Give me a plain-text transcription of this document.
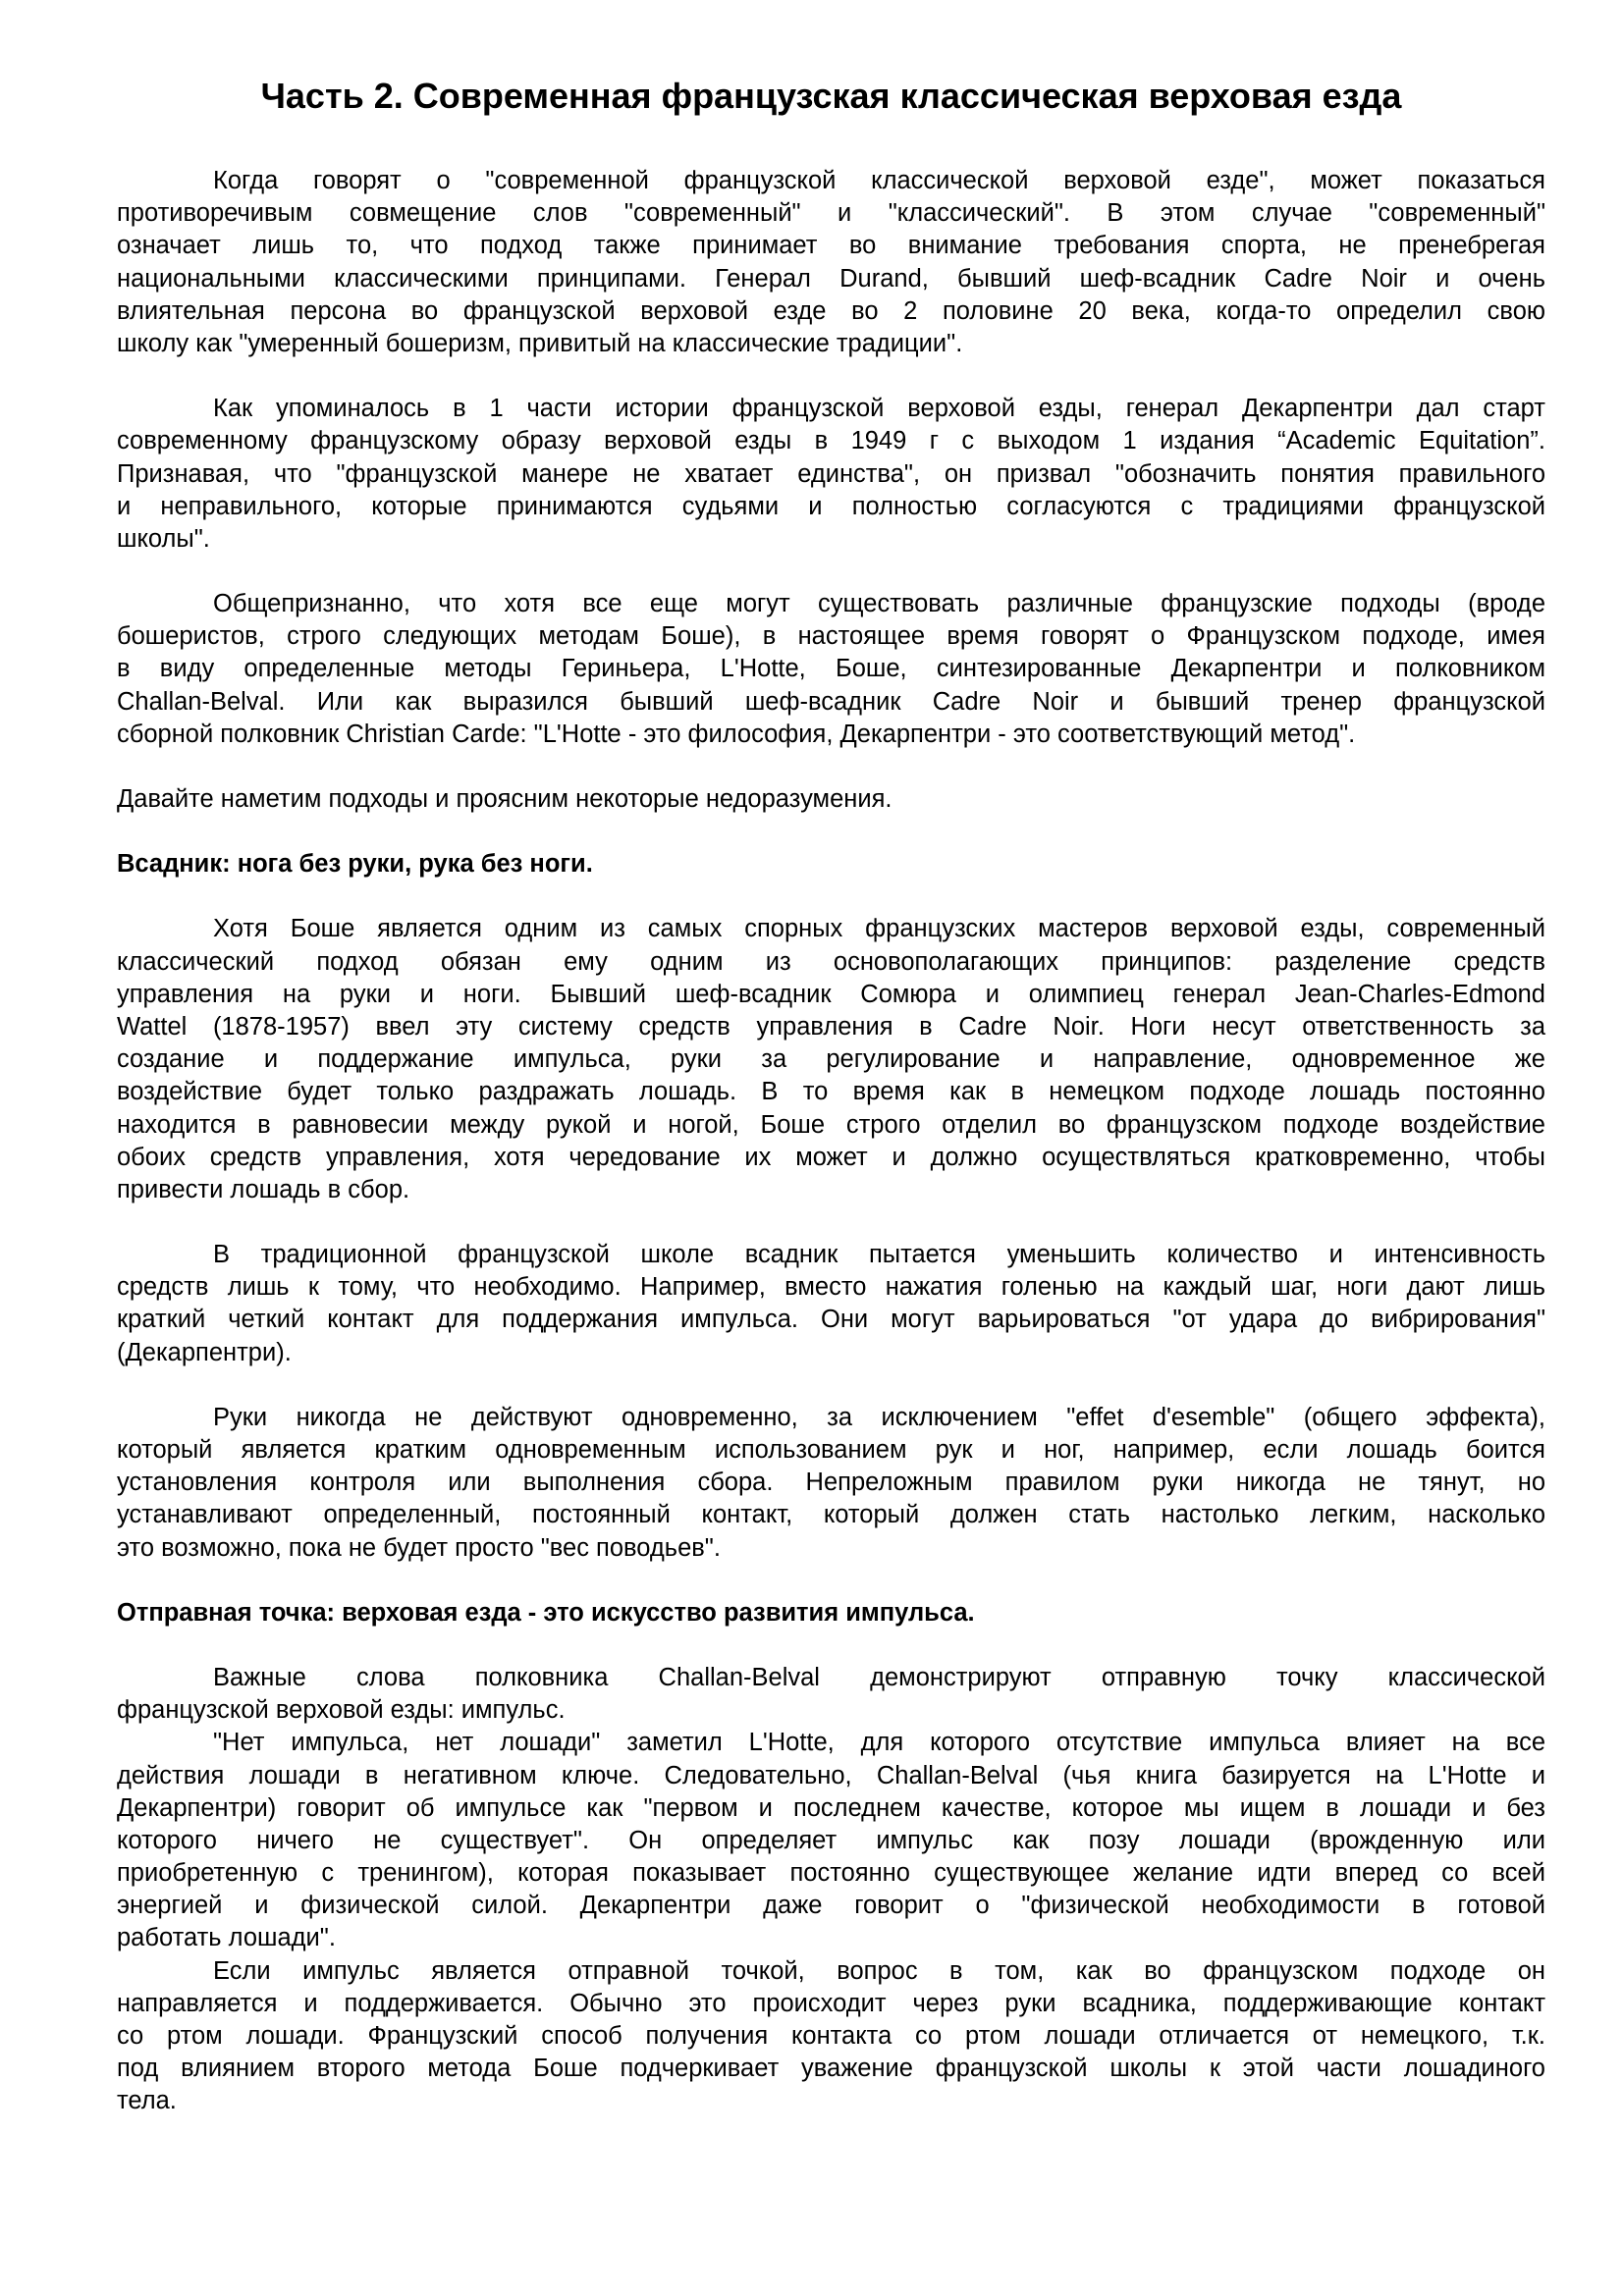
Часть 2. Современная французская классическая верховая езда
Когда говорят о "современной французской классической верховой езде", может показаться
противоречивым совмещение слов "современный" и "классический". В этом случае "современный"
означает лишь то, что подход также принимает во внимание требования спорта, не пренебрегая
национальными классическими принципами. Генерал Durand, бывший шеф-всадник Cadre Noir и очень
влиятельная персона во французской верховой езде во 2 половине 20 века, когда-то определил свою
школу как "умеренный бошеризм, привитый на классические традиции".
Как упоминалось в 1 части истории французской верховой езды, генерал Декарпентри дал старт
современному французскому образу верховой езды в 1949 г с выходом 1 издания “Academic Equitation”.
Признавая, что "французской манере не хватает единства", он призвал "обозначить понятия правильного
и неправильного, которые принимаются судьями и полностью согласуются с традициями французской
школы".
Общепризнанно, что хотя все еще могут существовать различные французские подходы (вроде
бошеристов, строго следующих методам Боше), в настоящее время говорят о Французском подходе, имея
в виду определенные методы Гериньера, L'Hotte, Боше, синтезированные Декарпентри и полковником
Challan-Belval. Или как выразился бывший шеф-всадник Cadre Noir и бывший тренер французской
сборной полковник Christian Carde: "L'Hotte - это философия, Декарпентри - это соответствующий метод".

Давайте наметим подходы и проясним некоторые недоразумения.

Всадник: нога без руки, рука без ноги.
Хотя Боше является одним из самых спорных французских мастеров верховой езды, современный
классический подход обязан ему одним из основополагающих принципов: разделение средств
управления на руки и ноги. Бывший шеф-всадник Сомюра и олимпиец генерал Jean-Charles-Edmond
Wattel (1878-1957) ввел эту систему средств управления в Cadre Noir. Ноги несут ответственность за
создание и поддержание импульса, руки за регулирование и направление, одновременное же
воздействие будет только раздражать лошадь. В то время как в немецком подходе лошадь постоянно
находится в равновесии между рукой и ногой, Боше строго отделил во французском подходе воздействие
обоих средств управления, хотя чередование их может и должно осуществляться кратковременно, чтобы
привести лошадь в сбор.
В традиционной французской школе всадник пытается уменьшить количество и интенсивность
средств лишь к тому, что необходимо. Например, вместо нажатия голенью на каждый шаг, ноги дают лишь
краткий четкий контакт для поддержания импульса. Они могут варьироваться "от удара до вибрирования"
(Декарпентри).
Руки никогда не действуют одновременно, за исключением "effet d'esemble" (общего эффекта),
который является кратким одновременным использованием рук и ног, например, если лошадь боится
установления контроля или выполнения сбора. Непреложным правилом руки никогда не тянут, но
устанавливают определенный, постоянный контакт, который должен стать настолько легким, насколько
это возможно, пока не будет просто "вес поводьев".
Отправная точка: верховая езда - это искусство развития импульса.
Важные слова полковника Challan-Belval демонстрируют отправную точку классической
французской верховой езды: импульс.
"Нет импульса, нет лошади" заметил L'Hotte, для которого отсутствие импульса влияет на все
действия лошади в негативном ключе. Следовательно, Challan-Belval (чья книга базируется на L'Hotte и
Декарпентри) говорит об импульсе как "первом и последнем качестве, которое мы ищем в лошади и без
которого ничего не существует". Он определяет импульс как позу лошади (врожденную или
приобретенную с тренингом), которая показывает постоянно существующее желание идти вперед со всей
энергией и физической силой. Декарпентри даже говорит о "физической необходимости в готовой
работать лошади".
Если импульс является отправной точкой, вопрос в том, как во французском подходе он
направляется и поддерживается. Обычно это происходит через руки всадника, поддерживающие контакт
со ртом лошади. Французский способ получения контакта со ртом лошади отличается от немецкого, т.к.
под влиянием второго метода Боше подчеркивает уважение французской школы к этой части лошадиного
тела.
